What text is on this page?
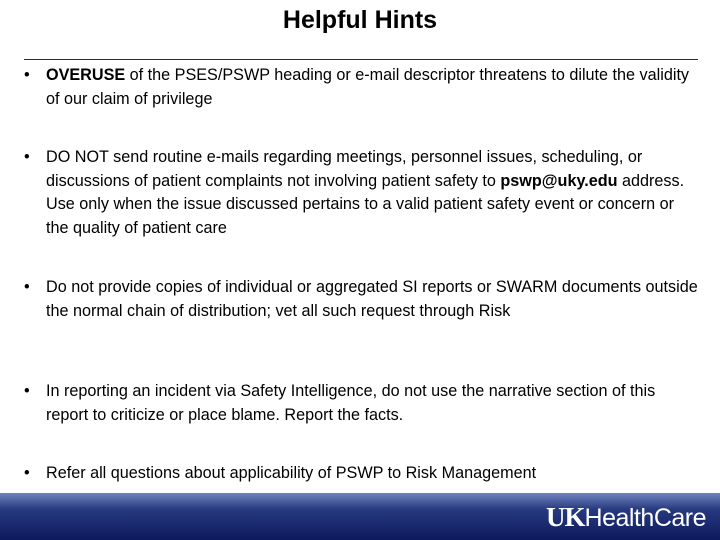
Helpful Hints
•	OVERUSE of the PSES/PSWP heading or e-mail descriptor threatens to dilute the validity of our claim of privilege
•	DO NOT send routine e-mails regarding meetings, personnel issues, scheduling, or discussions of patient complaints not involving patient safety to pswp@uky.edu address. Use only when the issue discussed pertains to a valid patient safety event or concern or the quality of patient care
•	Do not provide copies of individual or aggregated SI reports or SWARM documents outside the normal chain of distribution; vet all such request through Risk
•	In reporting an incident via Safety Intelligence, do not use the narrative section of this report to criticize or place blame. Report the facts.
•	Refer all questions about applicability of PSWP to Risk Management
UK HealthCare
